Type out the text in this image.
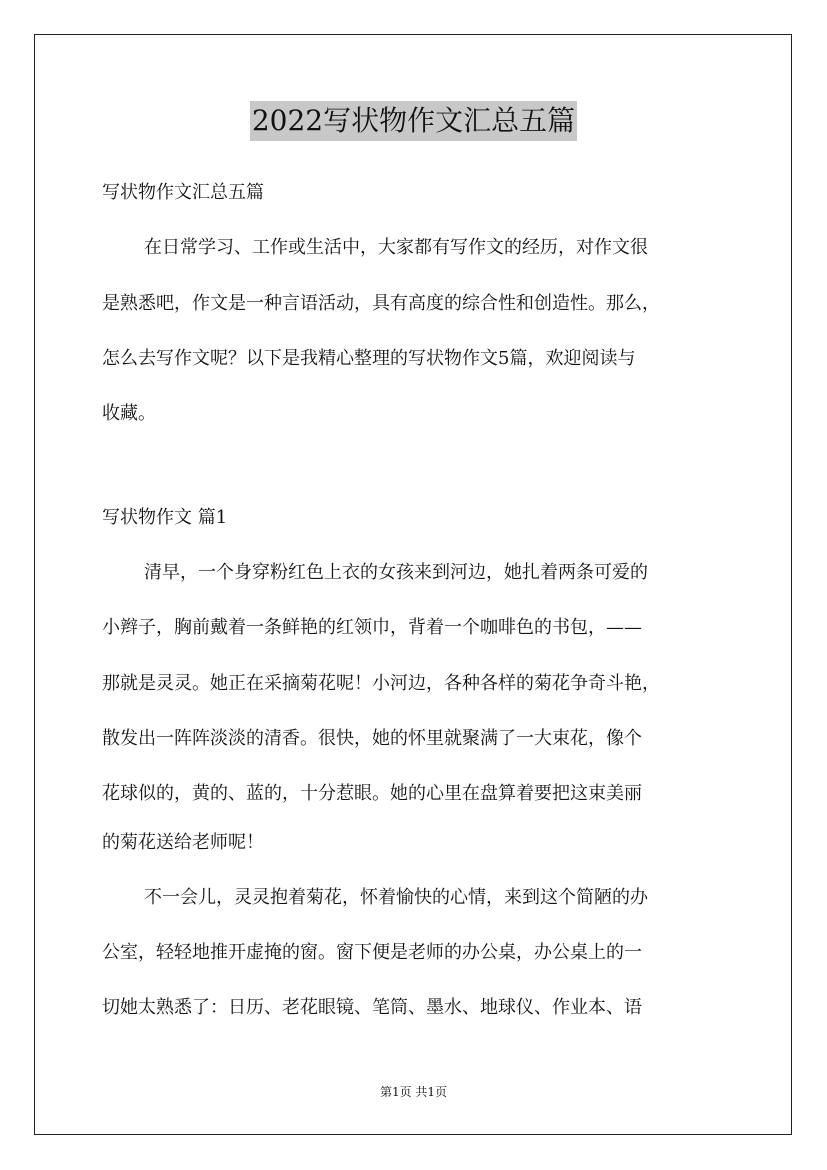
2022写状物作文汇总五篇
写状物作文汇总五篇
在日常学习、工作或生活中，大家都有写作文的经历，对作文很
是熟悉吧，作文是一种言语活动，具有高度的综合性和创造性。那么，
怎么去写作文呢？以下是我精心整理的写状物作文5篇，欢迎阅读与
收藏。
写状物作文 篇1
清早，一个身穿粉红色上衣的女孩来到河边，她扎着两条可爱的
小辫子，胸前戴着一条鲜艳的红领巾，背着一个咖啡色的书包，——
那就是灵灵。她正在采摘菊花呢！小河边，各种各样的菊花争奇斗艳，
散发出一阵阵淡淡的清香。很快，她的怀里就聚满了一大束花，像个
花球似的，黄的、蓝的，十分惹眼。她的心里在盘算着要把这束美丽
的菊花送给老师呢！
不一会儿，灵灵抱着菊花，怀着愉快的心情，来到这个简陋的办
公室，轻轻地推开虚掩的窗。窗下便是老师的办公桌，办公桌上的一
切她太熟悉了：日历、老花眼镜、笔筒、墨水、地球仪、作业本、语
第1页 共1页
